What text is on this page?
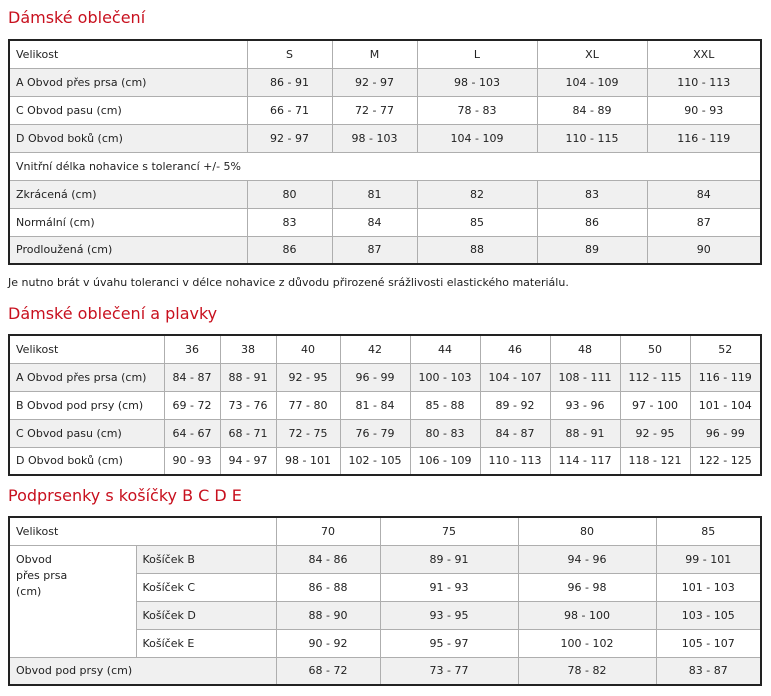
Dámské oblečení
Velikost	S	M	L	XL	XXL
A Obvod přes prsa (cm)	86 - 91	92 - 97	98 - 103	104 - 109	110 - 113
C Obvod pasu (cm)	66 - 71	72 - 77	78 - 83	84 - 89	90 - 93
D Obvod boků (cm)	92 - 97	98 - 103	104 - 109	110 - 115	116 - 119
Vnitřní délka nohavice s tolerancí +/- 5%					
Zkrácená (cm)	80	81	82	83	84
Normální (cm)	83	84	85	86	87
Prodloužená (cm)	86	87	88	89	90

Je nutno brát v úvahu toleranci v délce nohavice z důvodu přirozené srážlivosti elastického materiálu.

Dámské oblečení a plavky
Velikost	36	38	40	42	44	46	48	50	52
A Obvod přes prsa (cm)	84 - 87	88 - 91	92 - 95	96 - 99	100 - 103	104 - 107	108 - 111	112 - 115	116 - 119
B Obvod pod prsy (cm)	69 - 72	73 - 76	77 - 80	81 - 84	85 - 88	89 - 92	93 - 96	97 - 100	101 - 104
C Obvod pasu (cm)	64 - 67	68 - 71	72 - 75	76 - 79	80 - 83	84 - 87	88 - 91	92 - 95	96 - 99
D Obvod boků (cm)	90 - 93	94 - 97	98 - 101	102 - 105	106 - 109	110 - 113	114 - 117	118 - 121	122 - 125
Podprsenky s košíčky B C D E
Velikost		70	75	80	85

Obvod
přes prsa
(cm)	Košíček B	84 - 86	89 - 91	94 - 96	99 - 101
	Košíček C	86 - 88	91 - 93	96 - 98	101 - 103
	Košíček D	88 - 90	93 - 95	98 - 100	103 - 105
	Košíček E	90 - 92	95 - 97	100 - 102	105 - 107
Obvod pod prsy (cm)		68 - 72	73 - 77	78 - 82	83 - 87
